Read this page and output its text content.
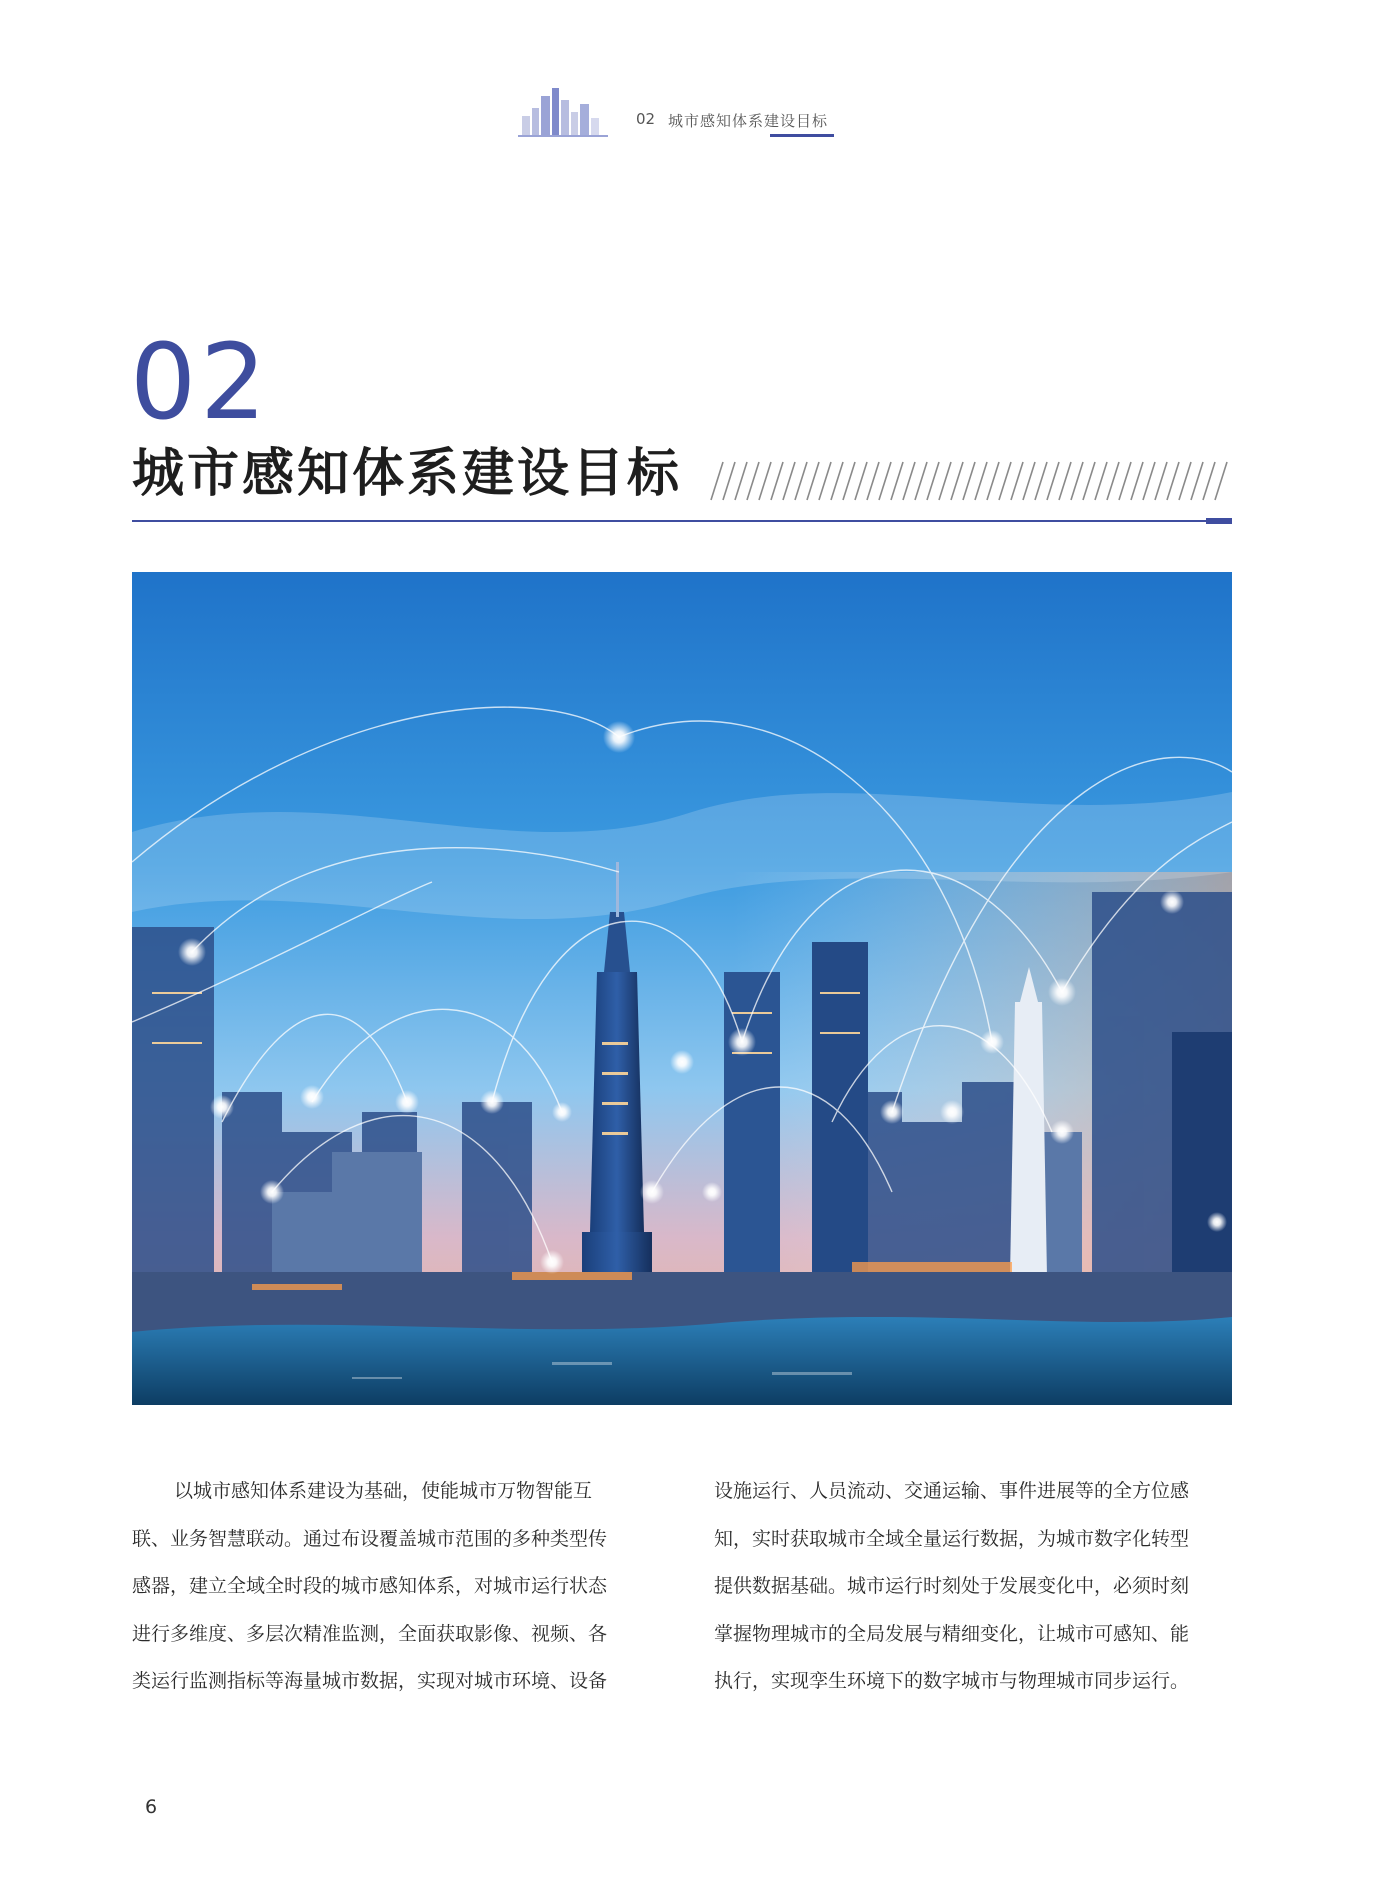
02 城市感知体系建设目标
02
城市感知体系建设目标
以城市感知体系建设为基础，使能城市万物智能互
联、业务智慧联动。通过布设覆盖城市范围的多种类型传
感器，建立全域全时段的城市感知体系，对城市运行状态
进行多维度、多层次精准监测，全面获取影像、视频、各
类运行监测指标等海量城市数据，实现对城市环境、设备
设施运行、人员流动、交通运输、事件进展等的全方位感
知，实时获取城市全域全量运行数据，为城市数字化转型
提供数据基础。城市运行时刻处于发展变化中，必须时刻
掌握物理城市的全局发展与精细变化，让城市可感知、能
执行，实现孪生环境下的数字城市与物理城市同步运行。
6
